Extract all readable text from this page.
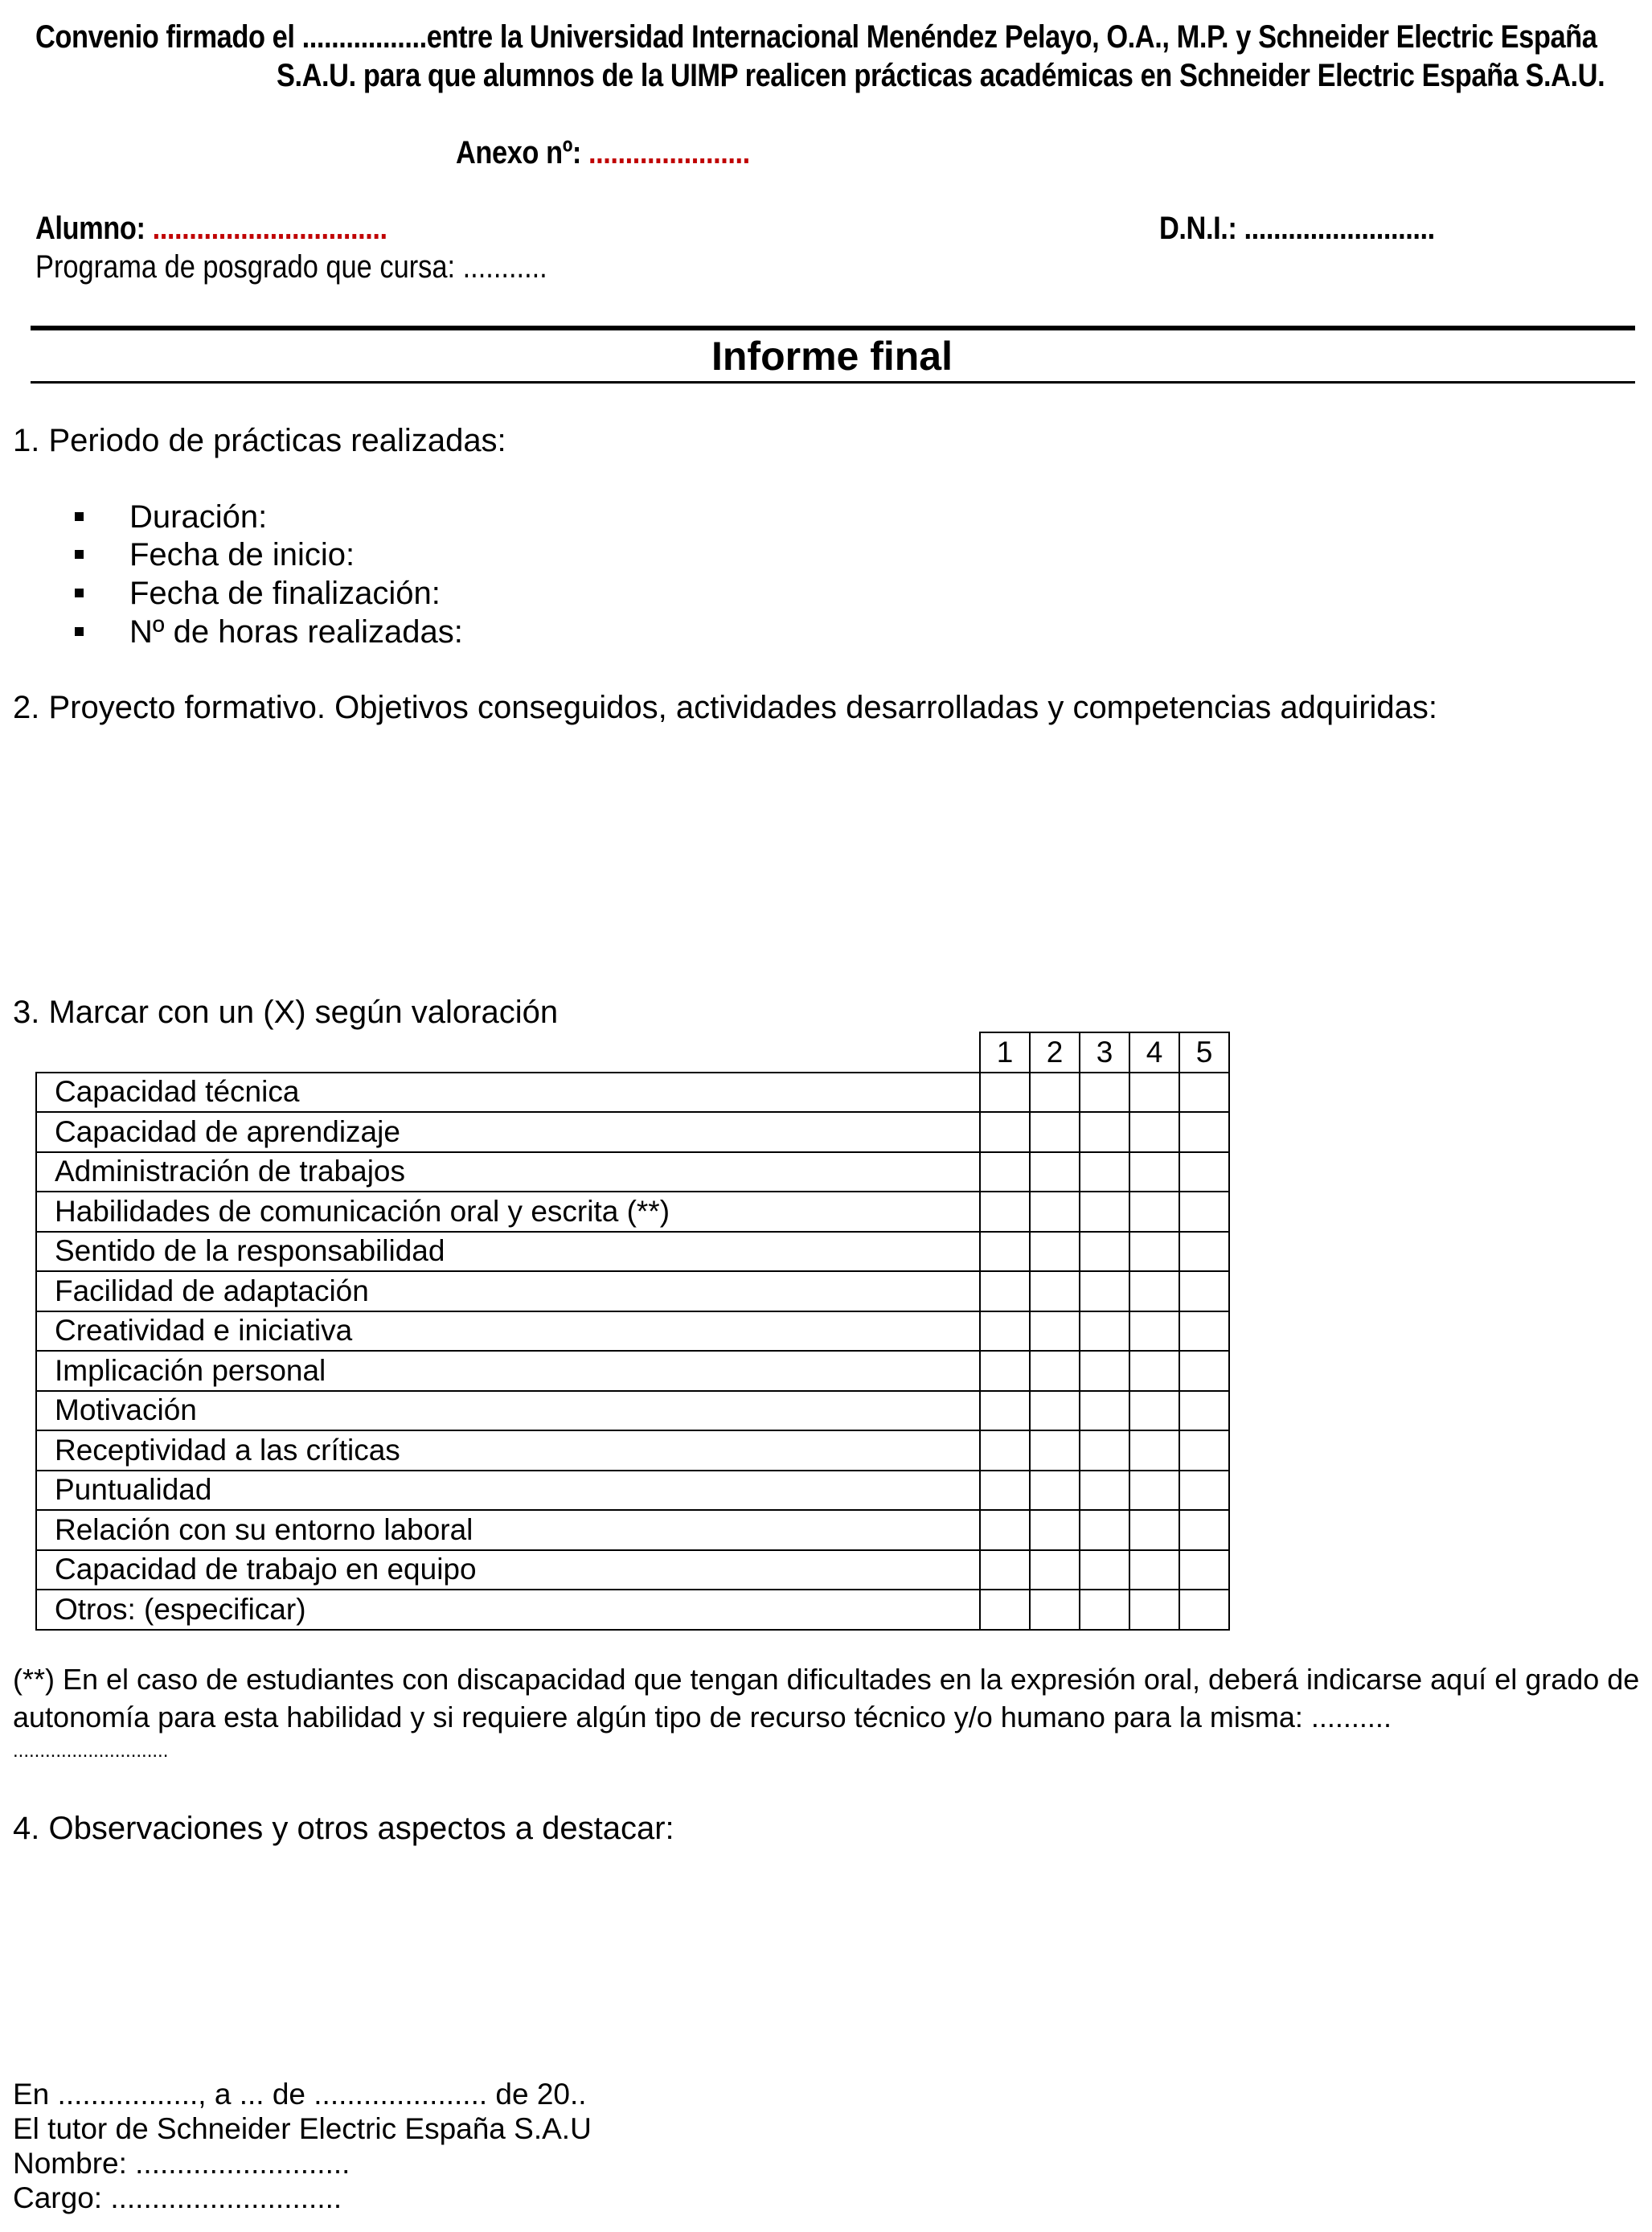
Convenio firmado el .................entre la Universidad Internacional Menéndez Pelayo, O.A., M.P. y Schneider Electric España
S.A.U. para que alumnos de la UIMP realicen prácticas académicas en Schneider Electric España S.A.U.
Anexo nº: ......................
Alumno: ................................	D.N.I.: ..........................
Programa de posgrado que cursa: ...........
Informe final
1. Periodo de prácticas realizadas:
Duración:
Fecha de inicio:
Fecha de finalización:
Nº de horas realizadas:
2. Proyecto formativo. Objetivos conseguidos, actividades desarrolladas y competencias adquiridas:
3. Marcar con un (X) según valoración
	1	2	3	4	5
Capacidad técnica					
Capacidad de aprendizaje					
Administración de trabajos					
Habilidades de comunicación oral y escrita (**)					
Sentido de la responsabilidad					
Facilidad de adaptación					
Creatividad e iniciativa					
Implicación personal					
Motivación					
Receptividad a las críticas					
Puntualidad					
Relación con su entorno laboral					
Capacidad de trabajo en equipo					
Otros: (especificar)					
(**) En el caso de estudiantes con discapacidad que tengan dificultades en la expresión oral, deberá indicarse aquí el grado de
autonomía para esta habilidad y si requiere algún tipo de recurso técnico y/o humano para la misma: ..........
.............................
4. Observaciones y otros aspectos a destacar:
En ................., a ... de ..................... de 20..
El tutor de Schneider Electric España S.A.U
Nombre: ..........................
Cargo: ............................
